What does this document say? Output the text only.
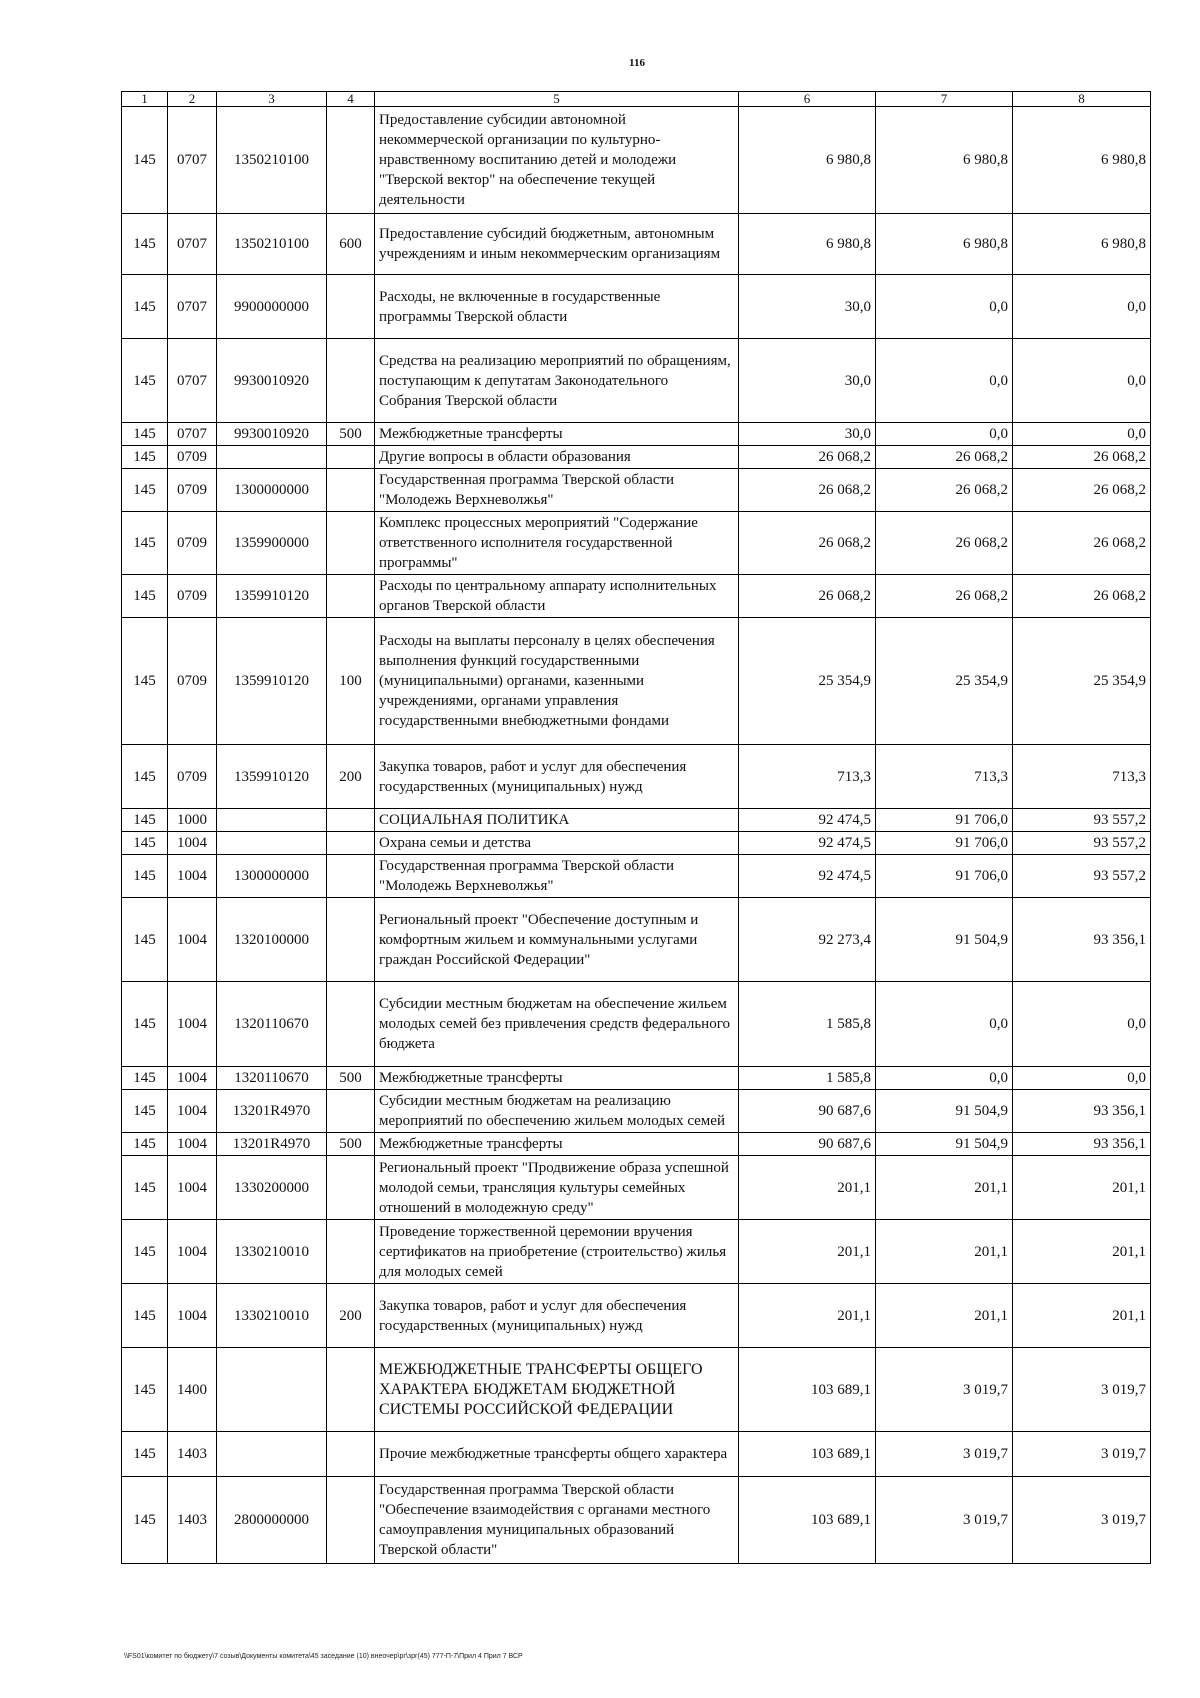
116
1	2	3	4	5	6	7	8
145	0707	1350210100		Предоставление субсидии автономной некоммерческой организации по культурно-нравственному воспитанию детей и молодежи "Тверской вектор" на обеспечение текущей деятельности	6 980,8	6 980,8	6 980,8
145	0707	1350210100	600	Предоставление субсидий бюджетным, автономным учреждениям и иным некоммерческим организациям	6 980,8	6 980,8	6 980,8
145	0707	9900000000		Расходы, не включенные в государственные программы Тверской области	30,0	0,0	0,0
145	0707	9930010920		Средства на реализацию мероприятий по обращениям, поступающим к депутатам Законодательного Собрания Тверской области	30,0	0,0	0,0
145	0707	9930010920	500	Межбюджетные трансферты	30,0	0,0	0,0
145	0709			Другие вопросы в области образования	26 068,2	26 068,2	26 068,2
145	0709	1300000000		Государственная программа Тверской области "Молодежь Верхневолжья"	26 068,2	26 068,2	26 068,2
145	0709	1359900000		Комплекс процессных мероприятий "Содержание ответственного исполнителя государственной программы"	26 068,2	26 068,2	26 068,2
145	0709	1359910120		Расходы по центральному аппарату исполнительных органов Тверской области	26 068,2	26 068,2	26 068,2
145	0709	1359910120	100	Расходы на выплаты персоналу в целях обеспечения выполнения функций государственными (муниципальными) органами, казенными учреждениями, органами управления государственными внебюджетными фондами	25 354,9	25 354,9	25 354,9
145	0709	1359910120	200	Закупка товаров, работ и услуг для обеспечения государственных (муниципальных) нужд	713,3	713,3	713,3
145	1000			СОЦИАЛЬНАЯ ПОЛИТИКА	92 474,5	91 706,0	93 557,2
145	1004			Охрана семьи и детства	92 474,5	91 706,0	93 557,2
145	1004	1300000000		Государственная программа Тверской области "Молодежь Верхневолжья"	92 474,5	91 706,0	93 557,2
145	1004	1320100000		Региональный проект "Обеспечение доступным и комфортным жильем и коммунальными услугами граждан Российской Федерации"	92 273,4	91 504,9	93 356,1
145	1004	1320110670		Субсидии местным бюджетам на обеспечение жильем молодых семей без привлечения средств федерального бюджета	1 585,8	0,0	0,0
145	1004	1320110670	500	Межбюджетные трансферты	1 585,8	0,0	0,0
145	1004	13201R4970		Субсидии местным бюджетам на реализацию мероприятий по обеспечению жильем молодых семей	90 687,6	91 504,9	93 356,1
145	1004	13201R4970	500	Межбюджетные трансферты	90 687,6	91 504,9	93 356,1
145	1004	1330200000		Региональный проект "Продвижение образа успешной молодой семьи, трансляция культуры семейных отношений в молодежную среду"	201,1	201,1	201,1
145	1004	1330210010		Проведение торжественной церемонии вручения сертификатов на приобретение (строительство) жилья для молодых семей	201,1	201,1	201,1
145	1004	1330210010	200	Закупка товаров, работ и услуг для обеспечения государственных (муниципальных) нужд	201,1	201,1	201,1
145	1400			МЕЖБЮДЖЕТНЫЕ ТРАНСФЕРТЫ ОБЩЕГО ХАРАКТЕРА БЮДЖЕТАМ БЮДЖЕТНОЙ СИСТЕМЫ РОССИЙСКОЙ ФЕДЕРАЦИИ	103 689,1	3 019,7	3 019,7
145	1403			Прочие межбюджетные трансферты общего характера	103 689,1	3 019,7	3 019,7
145	1403	2800000000		Государственная программа Тверской области "Обеспечение взаимодействия с органами местного самоуправления муниципальных образований Тверской области"	103 689,1	3 019,7	3 019,7
\\FS01\комитет по бюджету\7 созыв\Документы комитета\45 заседание (10) внеочер\рг\зрг(45) 777-П-7\Прил 4 Прил 7 ВСР
